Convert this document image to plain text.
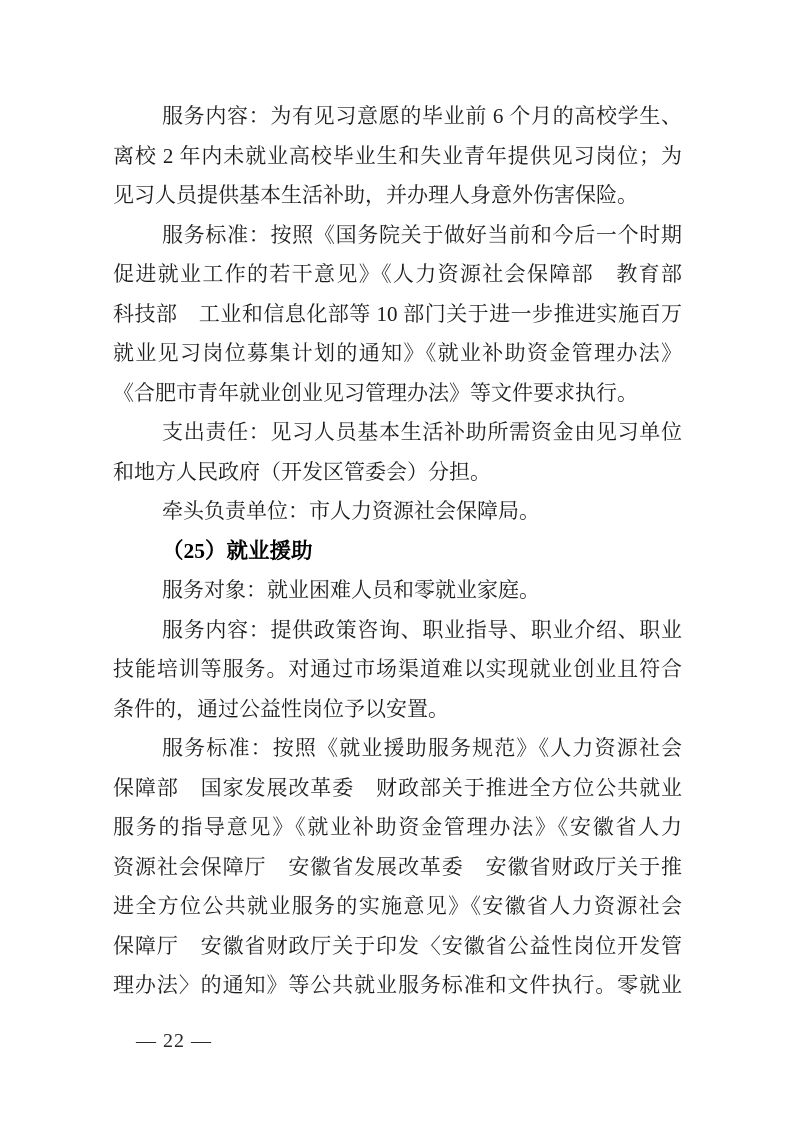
服务内容：为有见习意愿的毕业前 6 个月的高校学生、
离校 2 年内未就业高校毕业生和失业青年提供见习岗位；为
见习人员提供基本生活补助，并办理人身意外伤害保险。
服务标准：按照《国务院关于做好当前和今后一个时期
促进就业工作的若干意见》《人力资源社会保障部　教育部
科技部　工业和信息化部等 10 部门关于进一步推进实施百万
就业见习岗位募集计划的通知》《就业补助资金管理办法》
《合肥市青年就业创业见习管理办法》等文件要求执行。
支出责任：见习人员基本生活补助所需资金由见习单位
和地方人民政府（开发区管委会）分担。
牵头负责单位：市人力资源社会保障局。
（25）就业援助
服务对象：就业困难人员和零就业家庭。
服务内容：提供政策咨询、职业指导、职业介绍、职业
技能培训等服务。对通过市场渠道难以实现就业创业且符合
条件的，通过公益性岗位予以安置。
服务标准：按照《就业援助服务规范》《人力资源社会
保障部　国家发展改革委　财政部关于推进全方位公共就业
服务的指导意见》《就业补助资金管理办法》《安徽省人力
资源社会保障厅　安徽省发展改革委　安徽省财政厅关于推
进全方位公共就业服务的实施意见》《安徽省人力资源社会
保障厅　安徽省财政厅关于印发〈安徽省公益性岗位开发管
理办法〉的通知》等公共就业服务标准和文件执行。零就业
— 22 —
